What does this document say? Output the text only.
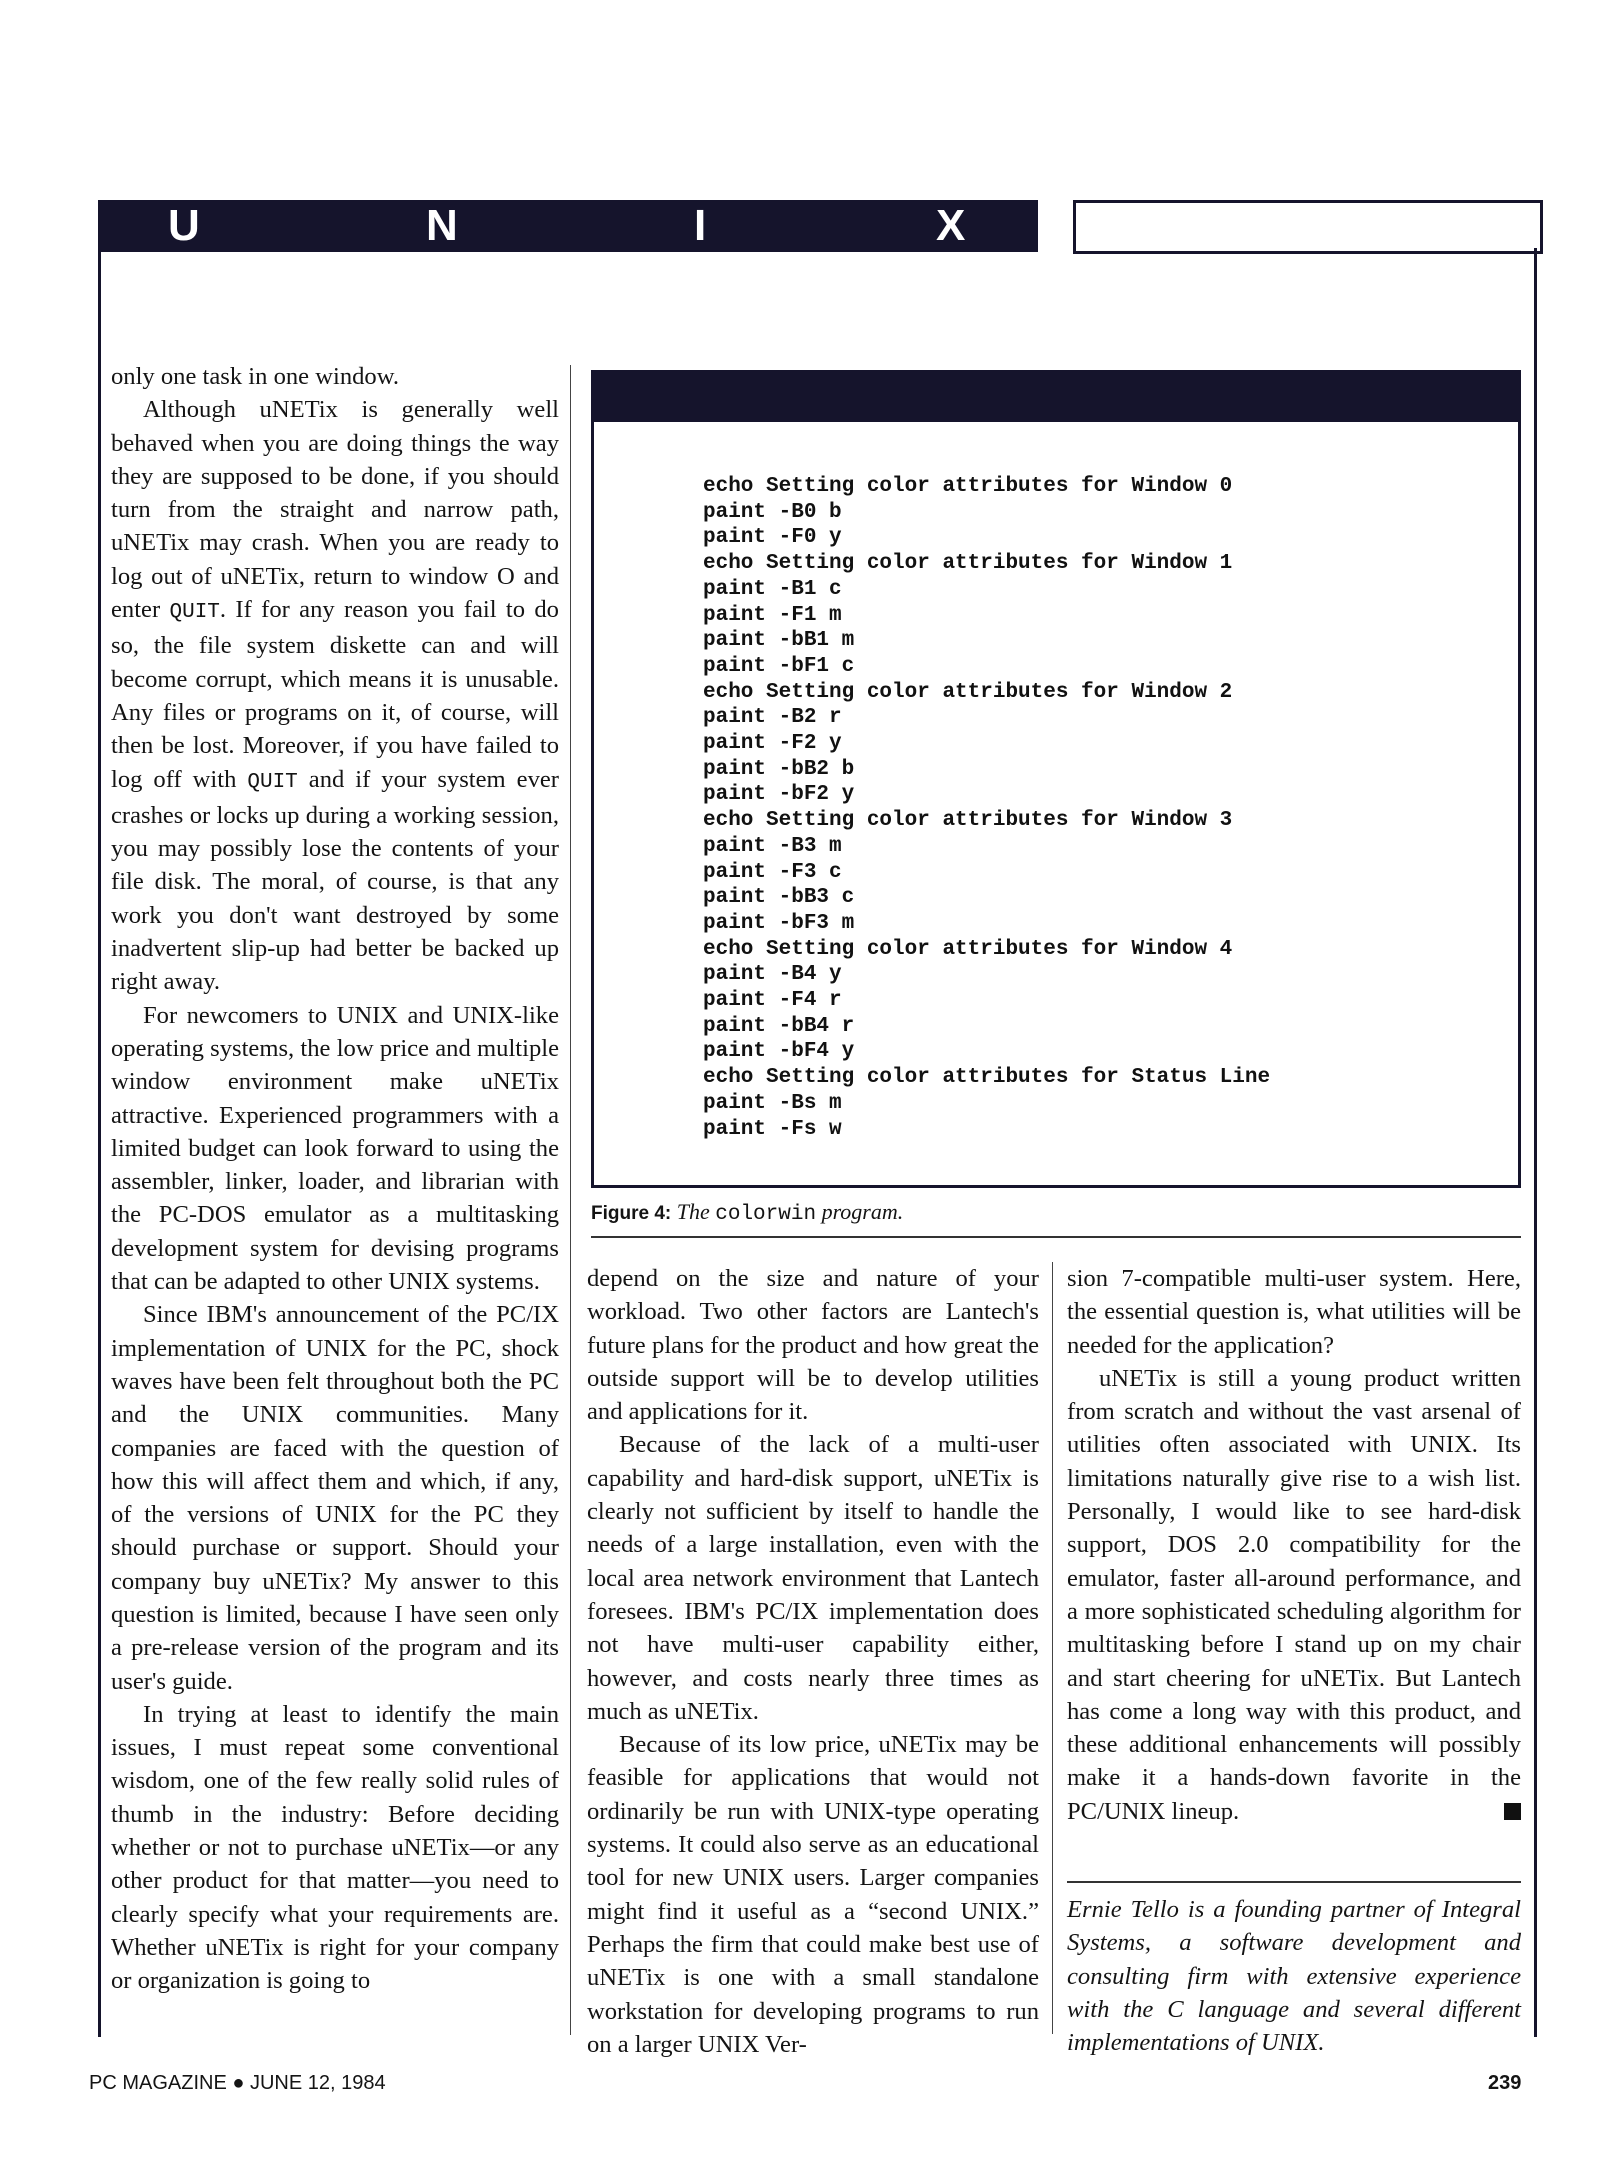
U	N	I	X

only one task in one window.

Although uNETix is generally well behaved when you are doing things the way they are supposed to be done, if you should turn from the straight and narrow path, uNETix may crash. When you are ready to log out of uNETix, return to window O and enter QUIT. If for any reason you fail to do so, the file system diskette can and will become corrupt, which means it is unusable. Any files or programs on it, of course, will then be lost. Moreover, if you have failed to log off with QUIT and if your system ever crashes or locks up during a working session, you may possibly lose the contents of your file disk. The moral, of course, is that any work you don't want destroyed by some inadvertent slip-up had better be backed up right away.

For newcomers to UNIX and UNIX-like operating systems, the low price and multiple window environment make uNETix attractive. Experienced programmers with a limited budget can look forward to using the assembler, linker, loader, and librarian with the PC-DOS emulator as a multitasking development system for devising programs that can be adapted to other UNIX systems.

Since IBM's announcement of the PC/IX implementation of UNIX for the PC, shock waves have been felt throughout both the PC and the UNIX communities. Many companies are faced with the question of how this will affect them and which, if any, of the versions of UNIX for the PC they should purchase or support. Should your company buy uNETix? My answer to this question is limited, because I have seen only a pre-release version of the program and its user's guide.

In trying at least to identify the main issues, I must repeat some conventional wisdom, one of the few really solid rules of thumb in the industry: Before deciding whether or not to purchase uNETix—or any other product for that matter—you need to clearly specify what your requirements are. Whether uNETix is right for your company or organization is going to

echo Setting color attributes for Window 0
paint -B0 b
paint -F0 y
echo Setting color attributes for Window 1
paint -B1 c
paint -F1 m
paint -bB1 m
paint -bF1 c
echo Setting color attributes for Window 2
paint -B2 r
paint -F2 y
paint -bB2 b
paint -bF2 y
echo Setting color attributes for Window 3
paint -B3 m
paint -F3 c
paint -bB3 c
paint -bF3 m
echo Setting color attributes for Window 4
paint -B4 y
paint -F4 r
paint -bB4 r
paint -bF4 y
echo Setting color attributes for Status Line
paint -Bs m
paint -Fs w
Figure 4: The colorwin program.

depend on the size and nature of your workload. Two other factors are Lantech's future plans for the product and how great the outside support will be to develop utilities and applications for it.

Because of the lack of a multi-user capability and hard-disk support, uNETix is clearly not sufficient by itself to handle the needs of a large installation, even with the local area network environment that Lantech foresees. IBM's PC/IX implementation does not have multi-user capability either, however, and costs nearly three times as much as uNETix.

Because of its low price, uNETix may be feasible for applications that would not ordinarily be run with UNIX-type operating systems. It could also serve as an educational tool for new UNIX users. Larger companies might find it useful as a “second UNIX.” Perhaps the firm that could make best use of uNETix is one with a small standalone workstation for developing programs to run on a larger UNIX Ver-

sion 7-compatible multi-user system. Here, the essential question is, what utilities will be needed for the application?

uNETix is still a young product written from scratch and without the vast arsenal of utilities often associated with UNIX. Its limitations naturally give rise to a wish list. Personally, I would like to see hard-disk support, DOS 2.0 compatibility for the emulator, faster all-around performance, and a more sophisticated scheduling algorithm for multitasking before I stand up on my chair and start cheering for uNETix. But Lantech has come a long way with this product, and these additional enhancements will possibly make it a hands-down favorite in the PC/UNIX lineup.

Ernie Tello is a founding partner of Integral Systems, a software development and consulting firm with extensive experience with the C language and several different implementations of UNIX.
PC MAGAZINE ● JUNE 12, 1984	239
